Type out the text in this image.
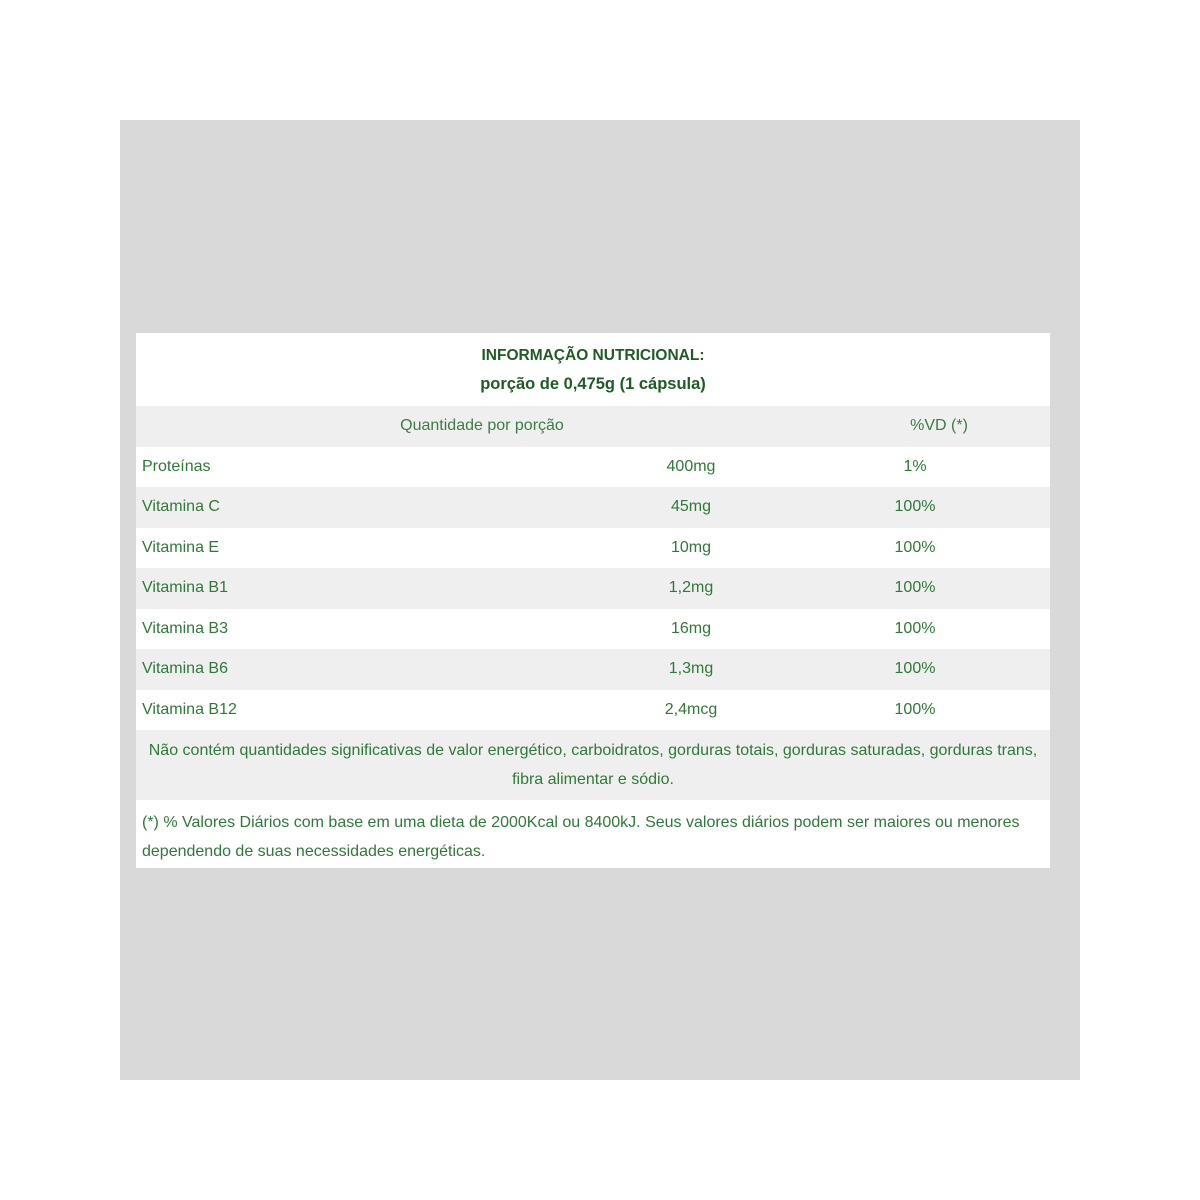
INFORMAÇÃO NUTRICIONAL:
porção de 0,475g (1 cápsula)
Quantidade por porção	%VD (*)
Proteínas	400mg	1%
Vitamina C	45mg	100%
Vitamina E	10mg	100%
Vitamina B1	1,2mg	100%
Vitamina B3	16mg	100%
Vitamina B6	1,3mg	100%
Vitamina B12	2,4mcg	100%
Não contém quantidades significativas de valor energético, carboidratos, gorduras totais, gorduras saturadas, gorduras trans, fibra alimentar e sódio.
(*) % Valores Diários com base em uma dieta de 2000Kcal ou 8400kJ. Seus valores diários podem ser maiores ou menores dependendo de suas necessidades energéticas.
